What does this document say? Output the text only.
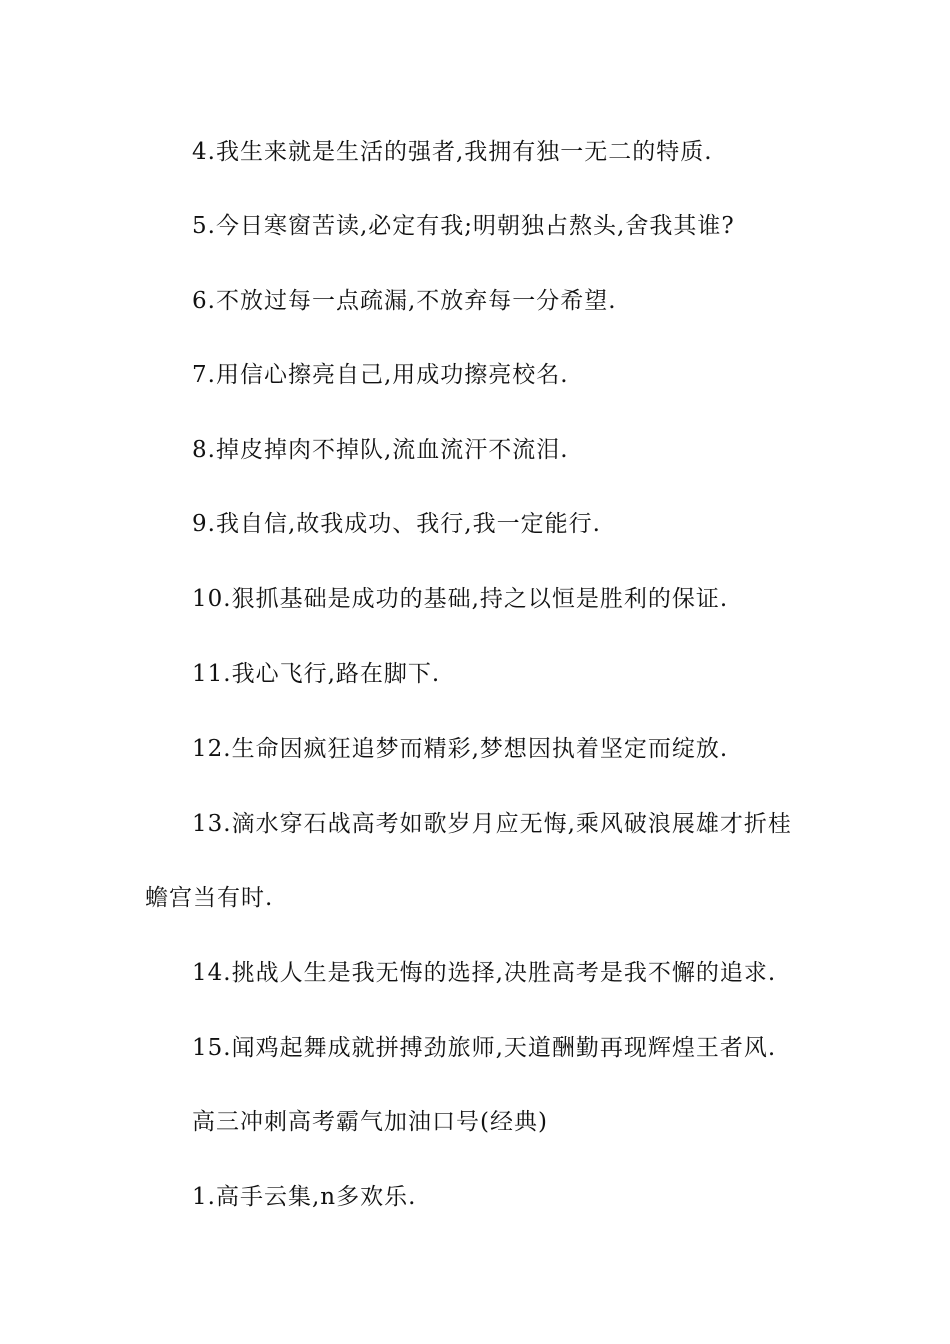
4.我生来就是生活的强者,我拥有独一无二的特质.
5.今日寒窗苦读,必定有我;明朝独占熬头,舍我其谁?
6.不放过每一点疏漏,不放弃每一分希望.
7.用信心擦亮自己,用成功擦亮校名.
8.掉皮掉肉不掉队,流血流汗不流泪.
9.我自信,故我成功、我行,我一定能行.
10.狠抓基础是成功的基础,持之以恒是胜利的保证.
11.我心飞行,路在脚下.
12.生命因疯狂追梦而精彩,梦想因执着坚定而绽放.
13.滴水穿石战高考如歌岁月应无悔,乘风破浪展雄才折桂
蟾宫当有时.
14.挑战人生是我无悔的选择,决胜高考是我不懈的追求.
15.闻鸡起舞成就拼搏劲旅师,天道酬勤再现辉煌王者风.
高三冲刺高考霸气加油口号(经典)
1.高手云集,n多欢乐.
